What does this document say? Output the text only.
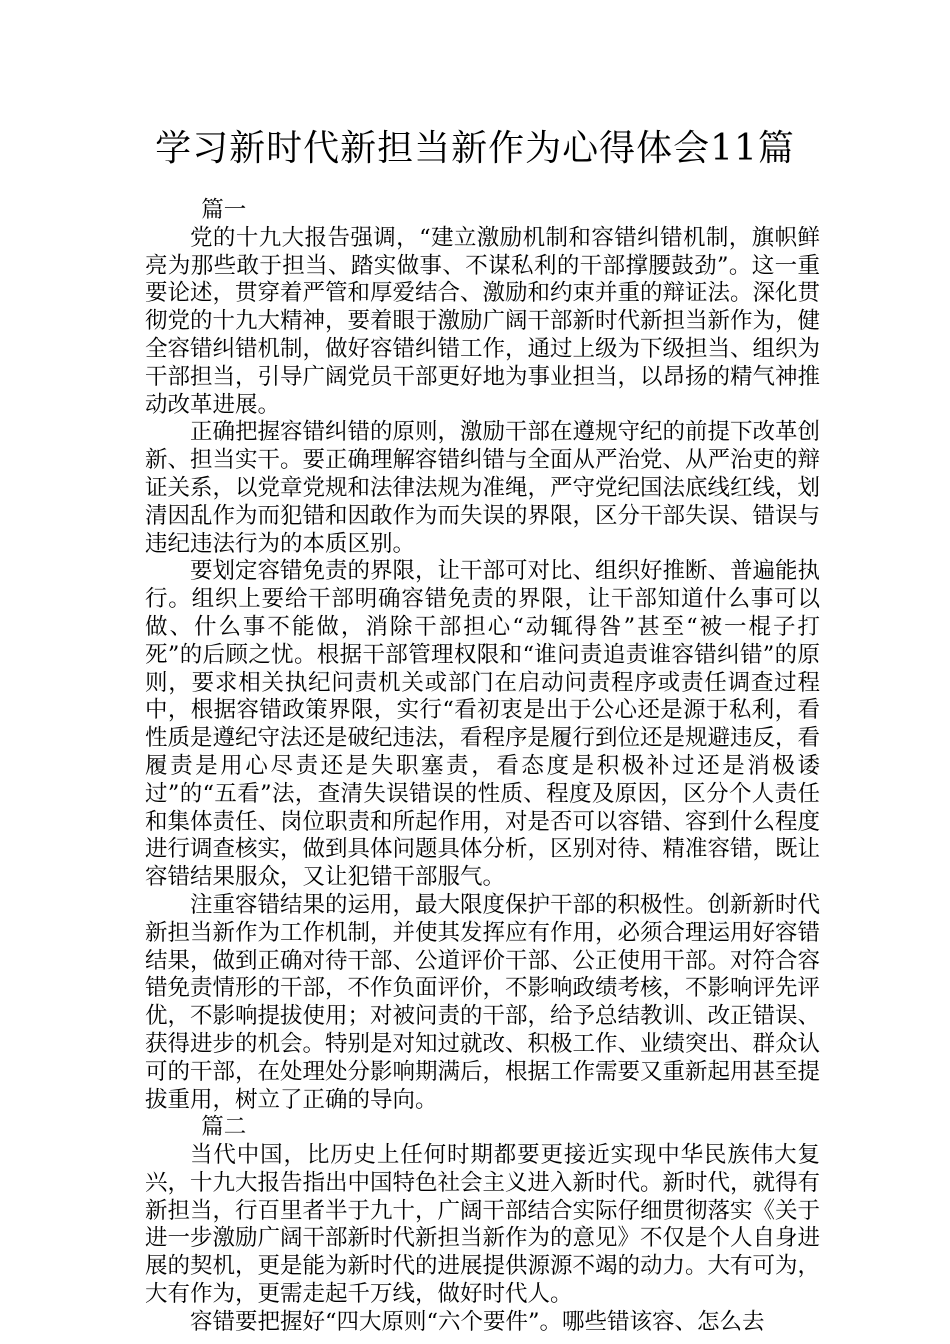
学习新时代新担当新作为心得体会11篇

篇一

党的十九大报告强调，“建立激励机制和容错纠错机制，旗帜鲜亮为那些敢于担当、踏实做事、不谋私利的干部撑腰鼓劲”。这一重要论述，贯穿着严管和厚爱结合、激励和约束并重的辩证法。深化贯彻党的十九大精神，要着眼于激励广阔干部新时代新担当新作为，健全容错纠错机制，做好容错纠错工作，通过上级为下级担当、组织为干部担当，引导广阔党员干部更好地为事业担当，以昂扬的精气神推动改革进展。

正确把握容错纠错的原则，激励干部在遵规守纪的前提下改革创新、担当实干。要正确理解容错纠错与全面从严治党、从严治吏的辩证关系，以党章党规和法律法规为准绳，严守党纪国法底线红线，划清因乱作为而犯错和因敢作为而失误的界限，区分干部失误、错误与违纪违法行为的本质区别。

要划定容错免责的界限，让干部可对比、组织好推断、普遍能执行。组织上要给干部明确容错免责的界限，让干部知道什么事可以做、什么事不能做，消除干部担心“动辄得咎”甚至“被一棍子打死”的后顾之忧。根据干部管理权限和“谁问责追责谁容错纠错”的原则，要求相关执纪问责机关或部门在启动问责程序或责任调查过程中，根据容错政策界限，实行“看初衷是出于公心还是源于私利，看性质是遵纪守法还是破纪违法，看程序是履行到位还是规避违反，看履责是用心尽责还是失职塞责，看态度是积极补过还是消极诿过”的“五看”法，查清失误错误的性质、程度及原因，区分个人责任和集体责任、岗位职责和所起作用，对是否可以容错、容到什么程度进行调查核实，做到具体问题具体分析，区别对待、精准容错，既让容错结果服众，又让犯错干部服气。

注重容错结果的运用，最大限度保护干部的积极性。创新新时代新担当新作为工作机制，并使其发挥应有作用，必须合理运用好容错结果，做到正确对待干部、公道评价干部、公正使用干部。对符合容错免责情形的干部，不作负面评价，不影响政绩考核，不影响评先评优，不影响提拔使用；对被问责的干部，给予总结教训、改正错误、获得进步的机会。特别是对知过就改、积极工作、业绩突出、群众认可的干部，在处理处分影响期满后，根据工作需要又重新起用甚至提拔重用，树立了正确的导向。

篇二

当代中国，比历史上任何时期都要更接近实现中华民族伟大复兴，十九大报告指出中国特色社会主义进入新时代。新时代，就得有新担当，行百里者半于九十，广阔干部结合实际仔细贯彻落实《关于进一步激励广阔干部新时代新担当新作为的意见》不仅是个人自身进展的契机，更是能为新时代的进展提供源源不竭的动力。大有可为，大有作为，更需走起千万线，做好时代人。

容错要把握好“四大原则“六个要件”。哪些错该容、怎么去
